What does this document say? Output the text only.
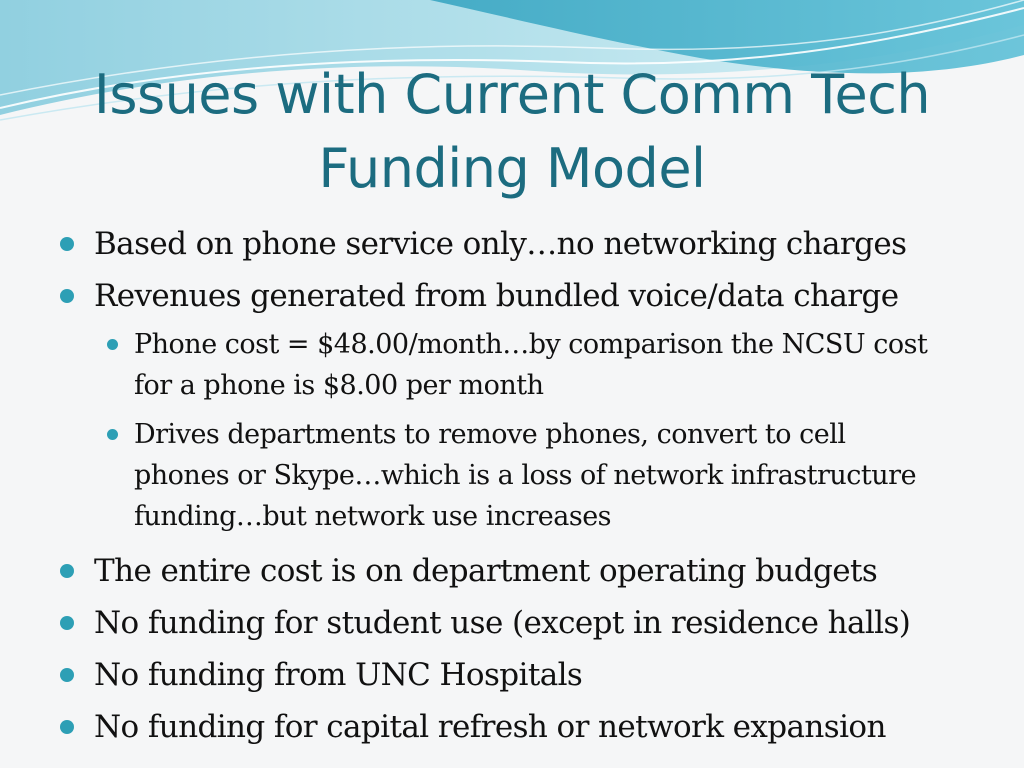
Issues with Current Comm Tech
Funding Model
Based on phone service only…no networking charges
Revenues generated from bundled voice/data charge
Phone cost = $48.00/month…by comparison the NCSU cost
for a phone is $8.00 per month
Drives departments to remove phones, convert to cell
phones or Skype…which is a loss of network infrastructure
funding…but network use increases
The entire cost is on department operating budgets
No funding for student use (except in residence halls)
No funding from UNC Hospitals
No funding for capital refresh or network expansion
